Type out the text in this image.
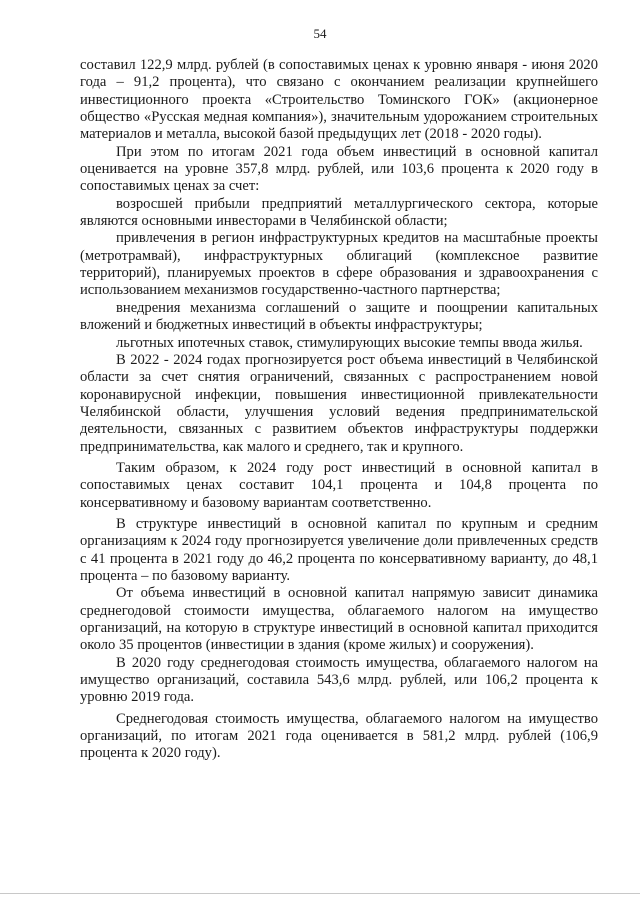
54

составил 122,9 млрд. рублей (в сопоставимых ценах к уровню января - июня 2020 года – 91,2 процента), что связано с окончанием реализации крупнейшего инвестиционного проекта «Строительство Томинского ГОК» (акционерное общество «Русская медная компания»), значительным удорожанием строительных материалов и металла, высокой базой предыдущих лет (2018 - 2020 годы).

При этом по итогам 2021 года объем инвестиций в основной капитал оценивается на уровне 357,8 млрд. рублей, или 103,6 процента к 2020 году в сопоставимых ценах за счет:

возросшей прибыли предприятий металлургического сектора, которые являются основными инвесторами в Челябинской области;

привлечения в регион инфраструктурных кредитов на масштабные проекты (метротрамвай), инфраструктурных облигаций (комплексное развитие территорий), планируемых проектов в сфере образования и здравоохранения с использованием механизмов государственно-частного партнерства;

внедрения механизма соглашений о защите и поощрении капитальных вложений и бюджетных инвестиций в объекты инфраструктуры;

льготных ипотечных ставок, стимулирующих высокие темпы ввода жилья.

В 2022 - 2024 годах прогнозируется рост объема инвестиций в Челябинской области за счет снятия ограничений, связанных с распространением новой коронавирусной инфекции, повышения инвестиционной привлекательности Челябинской области, улучшения условий ведения предпринимательской деятельности, связанных с развитием объектов инфраструктуры поддержки предпринимательства, как малого и среднего, так и крупного.

Таким образом, к 2024 году рост инвестиций в основной капитал в сопоставимых ценах составит 104,1 процента и 104,8 процента по консервативному и базовому вариантам соответственно.

В структуре инвестиций в основной капитал по крупным и средним организациям к 2024 году прогнозируется увеличение доли привлеченных средств с 41 процента в 2021 году до 46,2 процента по консервативному варианту, до 48,1 процента – по базовому варианту.

От объема инвестиций в основной капитал напрямую зависит динамика среднегодовой стоимости имущества, облагаемого налогом на имущество организаций, на которую в структуре инвестиций в основной капитал приходится около 35 процентов (инвестиции в здания (кроме жилых) и сооружения).

В 2020 году среднегодовая стоимость имущества, облагаемого налогом на имущество организаций, составила 543,6 млрд. рублей, или 106,2 процента к уровню 2019 года.

Среднегодовая стоимость имущества, облагаемого налогом на имущество организаций, по итогам 2021 года оценивается в 581,2 млрд. рублей (106,9 процента к 2020 году).
